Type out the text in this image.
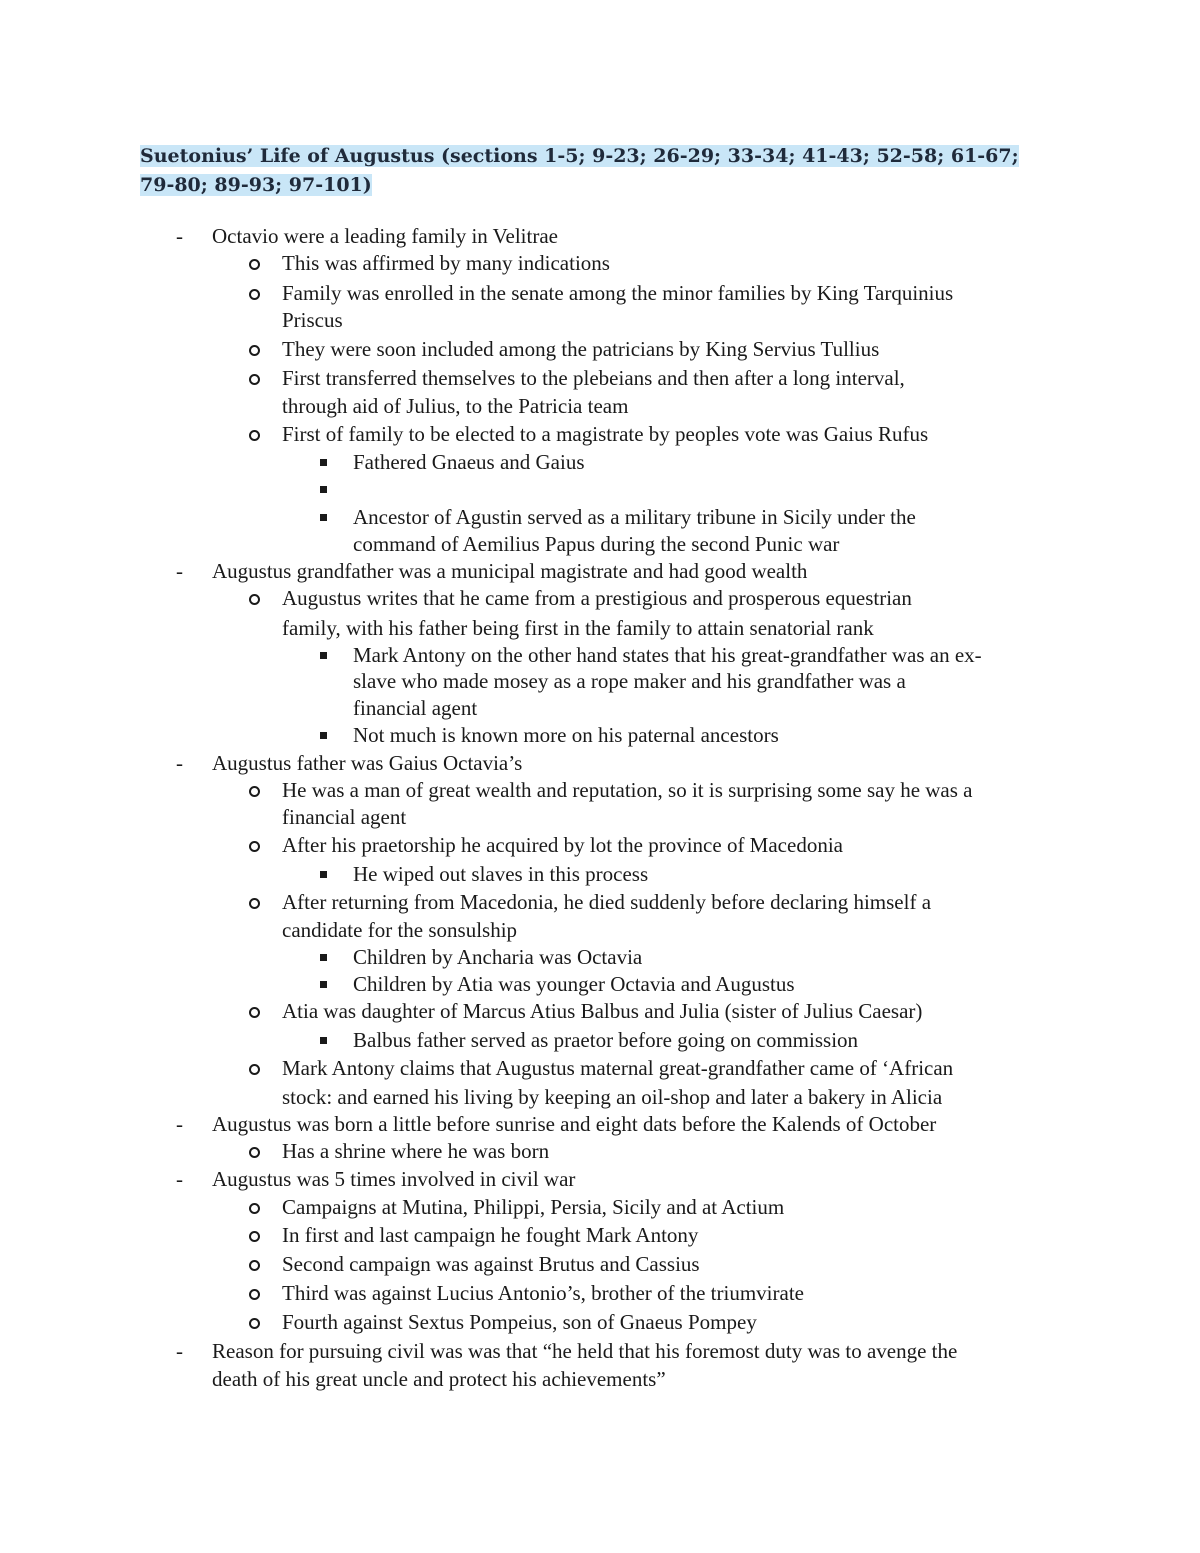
Suetonius’ Life of Augustus (sections 1-5; 9-23; 26-29; 33-34; 41-43; 52-58; 61-67; 79-80; 89-93; 97-101)
Octavio were a leading family in Velitrae
-
This was affirmed by many indications
Family was enrolled in the senate among the minor families by King Tarquinius
Priscus
They were soon included among the patricians by King Servius Tullius
First transferred themselves to the plebeians and then after a long interval,
through aid of Julius, to the Patricia team
First of family to be elected to a magistrate by peoples vote was Gaius Rufus
Fathered Gnaeus and Gaius
Ancestor of Agustin served as a military tribune in Sicily under the
command of Aemilius Papus during the second Punic war
Augustus grandfather was a municipal magistrate and had good wealth
-
Augustus writes that he came from a prestigious and prosperous equestrian
family, with his father being first in the family to attain senatorial rank
Mark Antony on the other hand states that his great-grandfather was an ex-
slave who made mosey as a rope maker and his grandfather was a
financial agent
Not much is known more on his paternal ancestors
Augustus father was Gaius Octavia’s
-
He was a man of great wealth and reputation, so it is surprising some say he was a
financial agent
After his praetorship he acquired by lot the province of Macedonia
He wiped out slaves in this process
After returning from Macedonia, he died suddenly before declaring himself a
candidate for the sonsulship
Children by Ancharia was Octavia
Children by Atia was younger Octavia and Augustus
Atia was daughter of Marcus Atius Balbus and Julia (sister of Julius Caesar)
Balbus father served as praetor before going on commission
Mark Antony claims that Augustus maternal great-grandfather came of ‘African
stock: and earned his living by keeping an oil-shop and later a bakery in Alicia
Augustus was born a little before sunrise and eight dats before the Kalends of October
-
Has a shrine where he was born
Augustus was 5 times involved in civil war
-
Campaigns at Mutina, Philippi, Persia, Sicily and at Actium
In first and last campaign he fought Mark Antony
Second campaign was against Brutus and Cassius
Third was against Lucius Antonio’s, brother of the triumvirate
Fourth against Sextus Pompeius, son of Gnaeus Pompey
Reason for pursuing civil was was that “he held that his foremost duty was to avenge the
-
death of his great uncle and protect his achievements”
